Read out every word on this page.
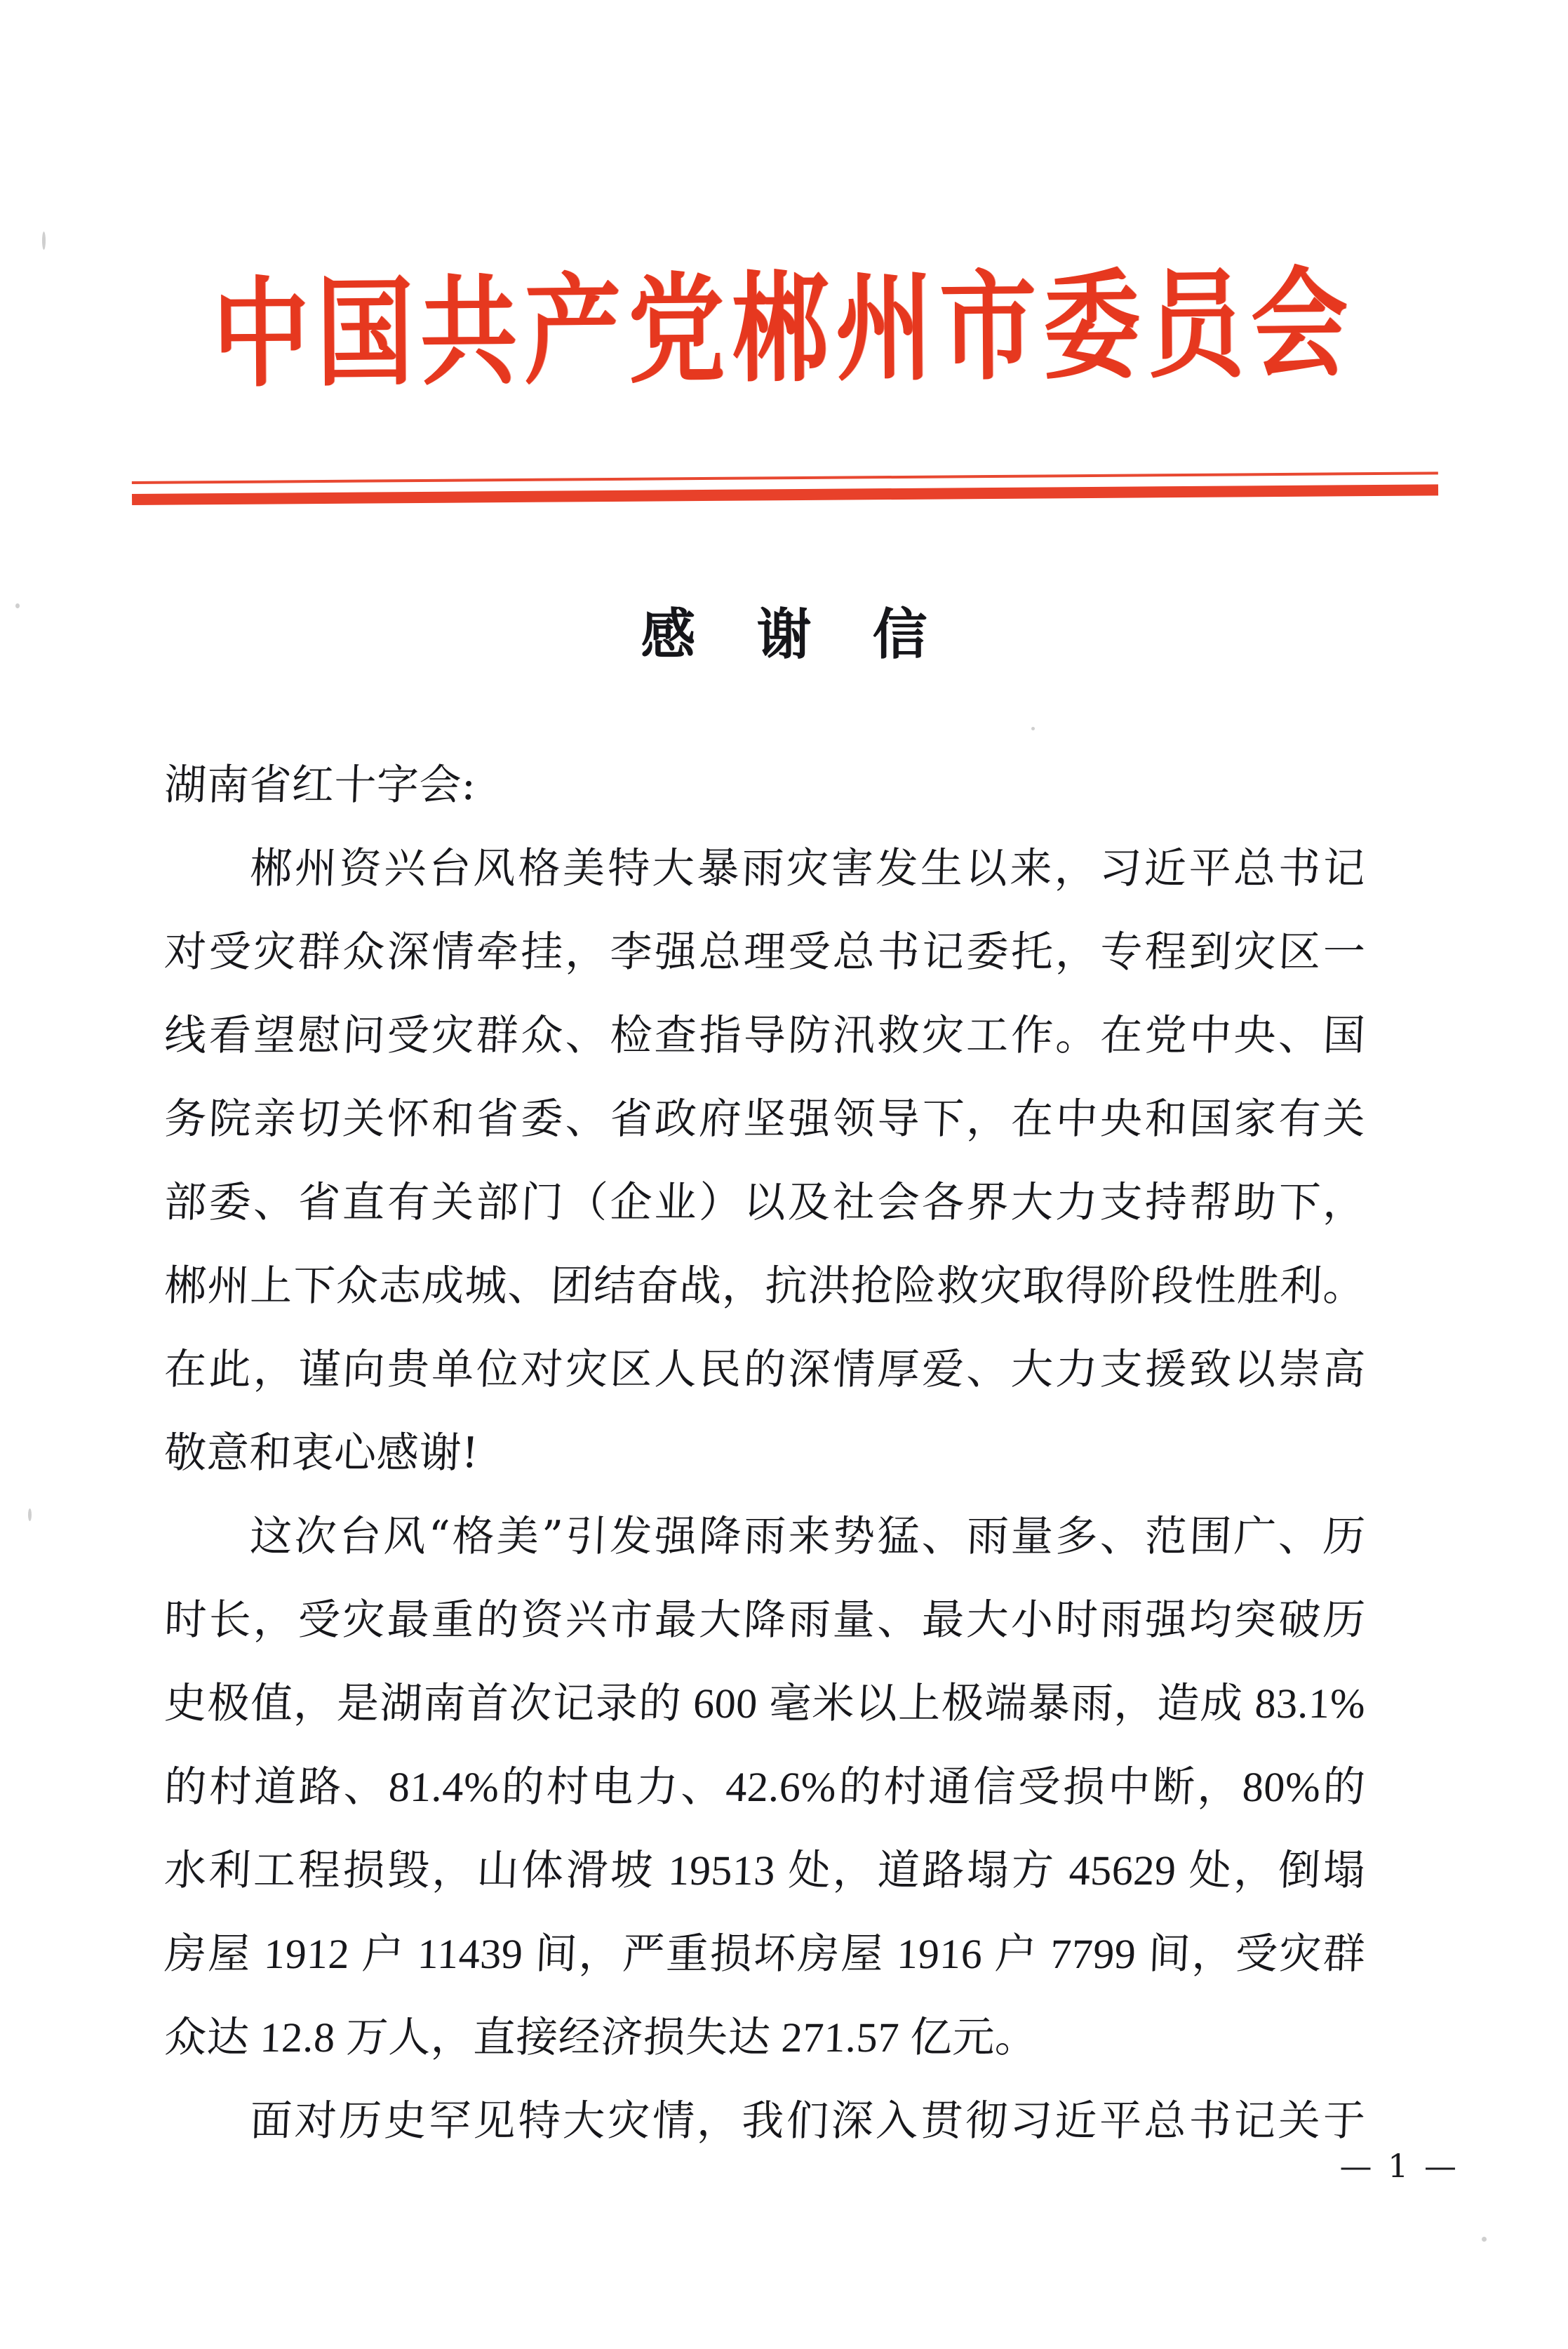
中国共产党郴州市委员会
感 谢 信
湖南省红十字会:
郴州资兴台风格美特大暴雨灾害发生以来，习近平总书记
对受灾群众深情牵挂，李强总理受总书记委托，专程到灾区一
线看望慰问受灾群众、检查指导防汛救灾工作。在党中央、国
务院亲切关怀和省委、省政府坚强领导下，在中央和国家有关
部委、省直有关部门（企业）以及社会各界大力支持帮助下，
郴州上下众志成城、团结奋战，抗洪抢险救灾取得阶段性胜利。
在此，谨向贵单位对灾区人民的深情厚爱、大力支援致以崇高
敬意和衷心感谢!
这次台风“格美”引发强降雨来势猛、雨量多、范围广、历
时长，受灾最重的资兴市最大降雨量、最大小时雨强均突破历
史极值，是湖南首次记录的 600 毫米以上极端暴雨，造成 83.1%
的村道路、81.4%的村电力、42.6%的村通信受损中断，80%的
水利工程损毁，山体滑坡 19513 处，道路塌方 45629 处，倒塌
房屋 1912 户 11439 间，严重损坏房屋 1916 户 7799 间，受灾群
众达 12.8 万人，直接经济损失达 271.57 亿元。
面对历史罕见特大灾情，我们深入贯彻习近平总书记关于
— 1 —
